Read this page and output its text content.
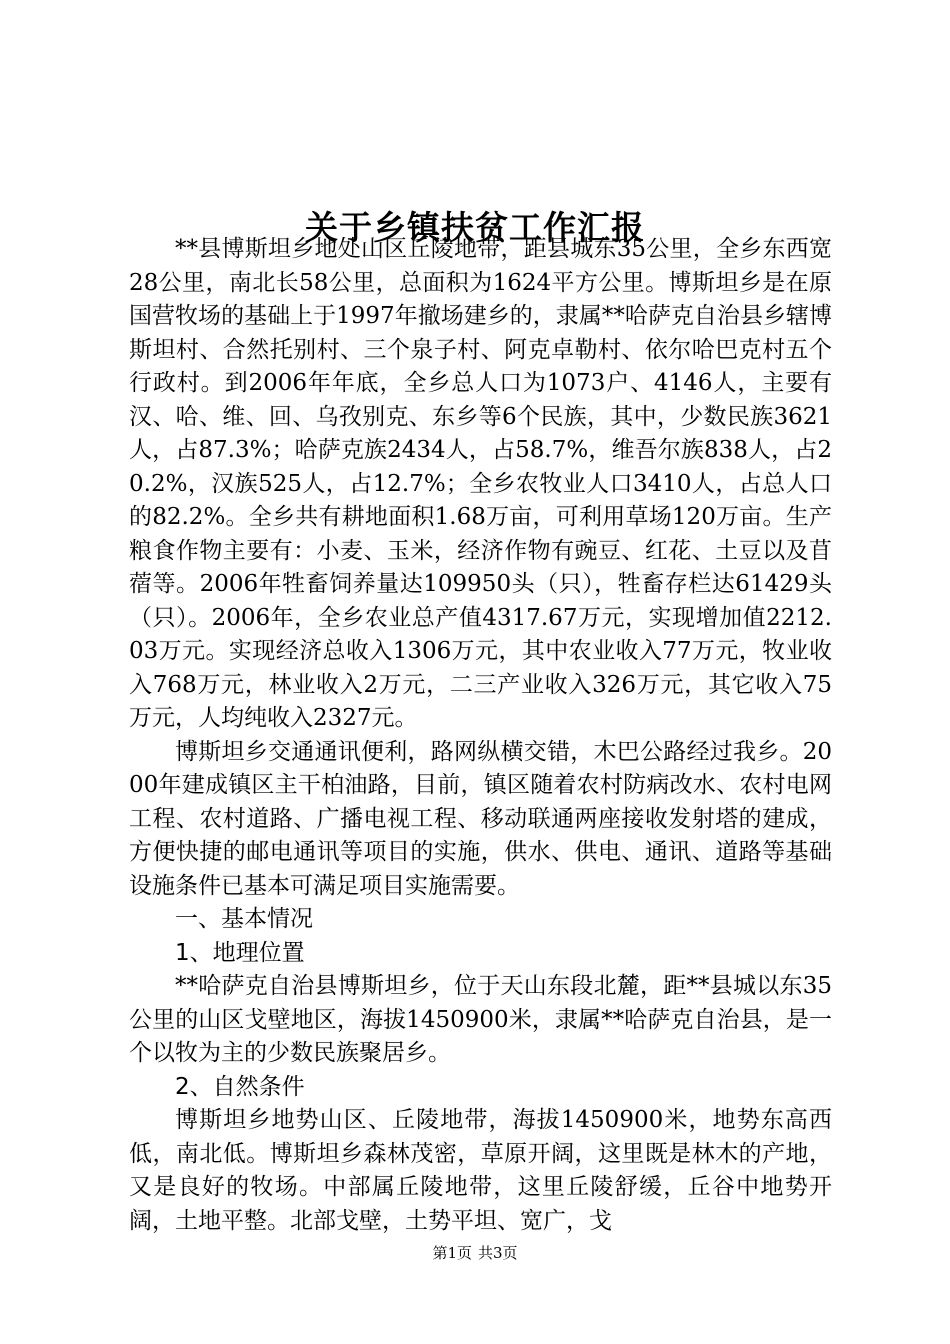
关于乡镇扶贫工作汇报

**县博斯坦乡地处山区丘陵地带，距县城东35公里，全乡东西宽28公里，南北长58公里，总面积为1624平方公里。博斯坦乡是在原国营牧场的基础上于1997年撤场建乡的，隶属**哈萨克自治县乡辖博斯坦村、合然托别村、三个泉子村、阿克卓勒村、依尔哈巴克村五个行政村。到2006年年底，全乡总人口为1073户、4146人，主要有汉、哈、维、回、乌孜别克、东乡等6个民族，其中，少数民族3621人，占87.3%；哈萨克族2434人，占58.7%，维吾尔族838人，占20.2%，汉族525人，占12.7%；全乡农牧业人口3410人，占总人口的82.2%。全乡共有耕地面积1.68万亩，可利用草场120万亩。生产粮食作物主要有：小麦、玉米，经济作物有豌豆、红花、土豆以及苜蓿等。2006年牲畜饲养量达109950头（只），牲畜存栏达61429头（只）。2006年，全乡农业总产值4317.67万元，实现增加值2212.03万元。实现经济总收入1306万元，其中农业收入77万元，牧业收入768万元，林业收入2万元，二三产业收入326万元，其它收入75万元，人均纯收入2327元。

博斯坦乡交通通讯便利，路网纵横交错，木巴公路经过我乡。2000年建成镇区主干柏油路，目前，镇区随着农村防病改水、农村电网工程、农村道路、广播电视工程、移动联通两座接收发射塔的建成，方便快捷的邮电通讯等项目的实施，供水、供电、通讯、道路等基础设施条件已基本可满足项目实施需要。

一、基本情况

1、地理位置

**哈萨克自治县博斯坦乡，位于天山东段北麓，距**县城以东35公里的山区戈壁地区，海拔1450900米，隶属**哈萨克自治县，是一个以牧为主的少数民族聚居乡。

2、自然条件

博斯坦乡地势山区、丘陵地带，海拔1450900米，地势东高西低，南北低。博斯坦乡森林茂密，草原开阔，这里既是林木的产地，又是良好的牧场。中部属丘陵地带，这里丘陵舒缓，丘谷中地势开阔，土地平整。北部戈壁，土势平坦、宽广，戈

第1页 共3页
